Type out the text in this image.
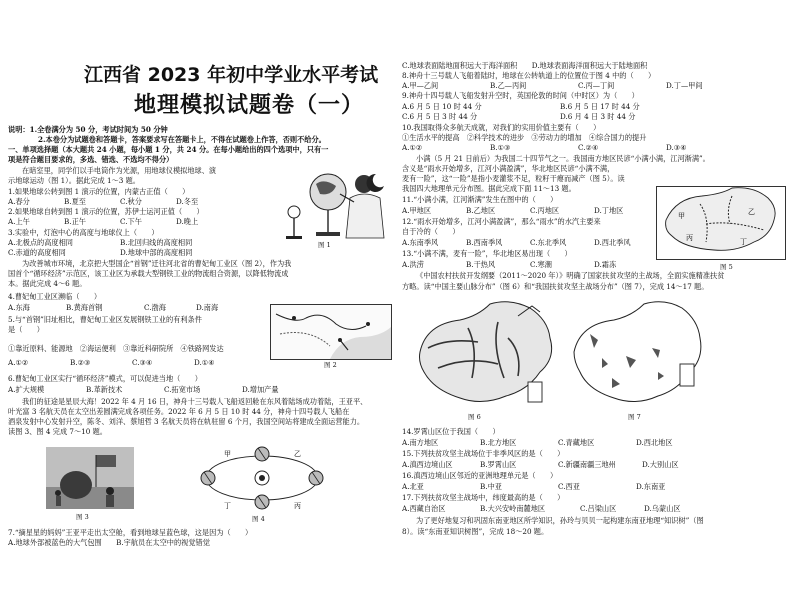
江西省 2023 年初中学业水平考试
地理模拟试题卷（一）
说明：1.全卷满分为 50 分，考试时间为 50 分钟
2.本卷分为试题卷和答题卡，答案要求写在答题卡上，不得在试题卷上作答，否则不给分。
一、单项选择题（本大题共 24 小题，每小题 1 分，共 24 分。在每小题给出的四个选项中，只有一
项是符合题目要求的，多选、错选、不选均不得分）
在暗室里，同学们以手电筒作为光源，用地球仪模拟地球、演
示地球运动（图 1）。据此完成 1～3 题。
1.如果地球公转到图 1 演示的位置，内蒙古正值（　　）
A.春分	B.夏至	C.秋分	D.冬至
2.如果地球自转到图 1 演示的位置，苏伊士运河正值（　　）
A.上午	B.正午	C.下午	D.晚上
3.实验中，灯泡中心的高度与地球仪上（　　）
A.北极点的高度相同	B.北回归线的高度相同
C.赤道的高度相同	D.地球中部的高度相同
图 1
为改善城市环境，北京把大型国企“首钢”迁往河北省的曹妃甸工业区（图 2），作为我
国首个“循环经济”示范区，该工业区为承载大型钢铁工业的物流组合资源，以降低物流成
本。据此完成 4～6 题。
4.曹妃甸工业区濒临（　　）
A.东海	B.黄海首钢	C.渤海	D.南海
5.与“首钢”旧址相比，曹妃甸工业区发展钢铁工业的有利条件
是（　　）
①靠近原料、能源地　②海运便利　③靠近科研院所　④铁路网发达
A.①②	B.②③	C.③④	D.①④	图 2
6.曹妃甸工业区实行“循环经济”模式，可以促进当地（　　）
A.扩大规模	B.革新技术	C.拓宽市场	D.增加产量
我们的征途是星辰大海！2022 年 4 月 16 日，神舟十三号载人飞船返回舱在东风着陆场成功着陆，王亚平、
叶光富 3 名航天员在太空出差圆满完成各项任务。2022 年 6 月 5 日 10 时 44 分，神舟十四号载人飞船在
酒泉发射中心发射升空，陈冬、刘洋、蔡旭哲 3 名航天员将在轨驻留 6 个月，我国空间站将建成全面运营能力。
读图 3、图 4 完成 7～10 题。
图 3
甲	乙
丙
丁
图 4
7.“摘星星的妈妈”王亚平走出太空舱，看到地球呈蓝色球，这是因为（　　）
A.地球外部被蓝色的大气包围　　B.宇航员在太空中的视觉错觉
C.地球表面陆地面积远大于海洋面积　　D.地球表面海洋面积远大于陆地面积
8.神舟十三号载人飞船着陆时，地球在公转轨道上的位置位于图 4 中的（　　）
A.甲—乙间	B.乙—丙间	C.丙—丁间	D.丁—甲间
9.神舟十四号载人飞船发射升空时，英国伦敦的时间（中时区）为（　　）
A.6 月 5 日 10 时 44 分	B.6 月 5 日 17 时 44 分
C.6 月 5 日 3 时 44 分	D.6 月 4 日 3 时 44 分
10.我国取得众多航天成就，对我们的实用价值主要有（　　）
①生活水平的提高　②科学技术的进步　③劳动力的增加　④综合国力的提升
A.①②	B.①③	C.②④	D.③④
小满（5 月 21 日前后）为我国二十四节气之一。我国南方地区民谚“小满小满，江河渐满”。
含义是“雨水开始增多，江河小满盈满”，华北地区民谚“小满不满，
麦有一险”，这“一险”是指小麦灌浆不足，粒籽干瘪而减产（图 5）。读
我国四大地理单元分布图。据此完成下面 11～13 题。
11.“小满小满，江河渐满”发生在图中的（　　）
A.甲地区	B.乙地区	C.丙地区	D.丁地区
12.“雨水开始增多，江河小满盈满”，那么“雨水”的水汽主要来
自于冷的（　　）
A.东南季风	B.西南季风	C.东北季风	D.西北季风
13.“小满不满，麦有一险”，华北地区易出现（　　）
A.洪涝	B.干热风	C.寒潮	D.霜冻
甲	乙
丙	丁
图 5
《中国农村扶贫开发纲要（2011～2020 年）》明确了国家扶贫攻坚的主战场，全面实施精准扶贫
方略。读“中国主要山脉分布”（图 6）和“我国扶贫攻坚主战场分布”（图 7），完成 14～17 题。
图 6	图 7
14.罗霄山区位于我国（　　）
A.南方地区	B.北方地区	C.青藏地区	D.西北地区
15.下列扶贫攻坚主战场位于非季风区的是（　　）
A.滇西边境山区	B.罗霄山区	C.新疆南疆三地州	D.大别山区
16.滇西边境山区邻近的亚洲地理单元是（　　）
A.北亚	B.中亚	C.西亚	D.东南亚
17.下列扶贫攻坚主战场中，纬度最高的是（　　）
A.西藏自治区	B.大兴安岭南麓地区	C.吕梁山区	D.乌蒙山区
为了更好地复习和巩固东南亚地区所学知识，孙玲与贝贝一起构建东南亚地理“知识树”（图
8）。读“东南亚知识树图”，完成 18～20 题。
